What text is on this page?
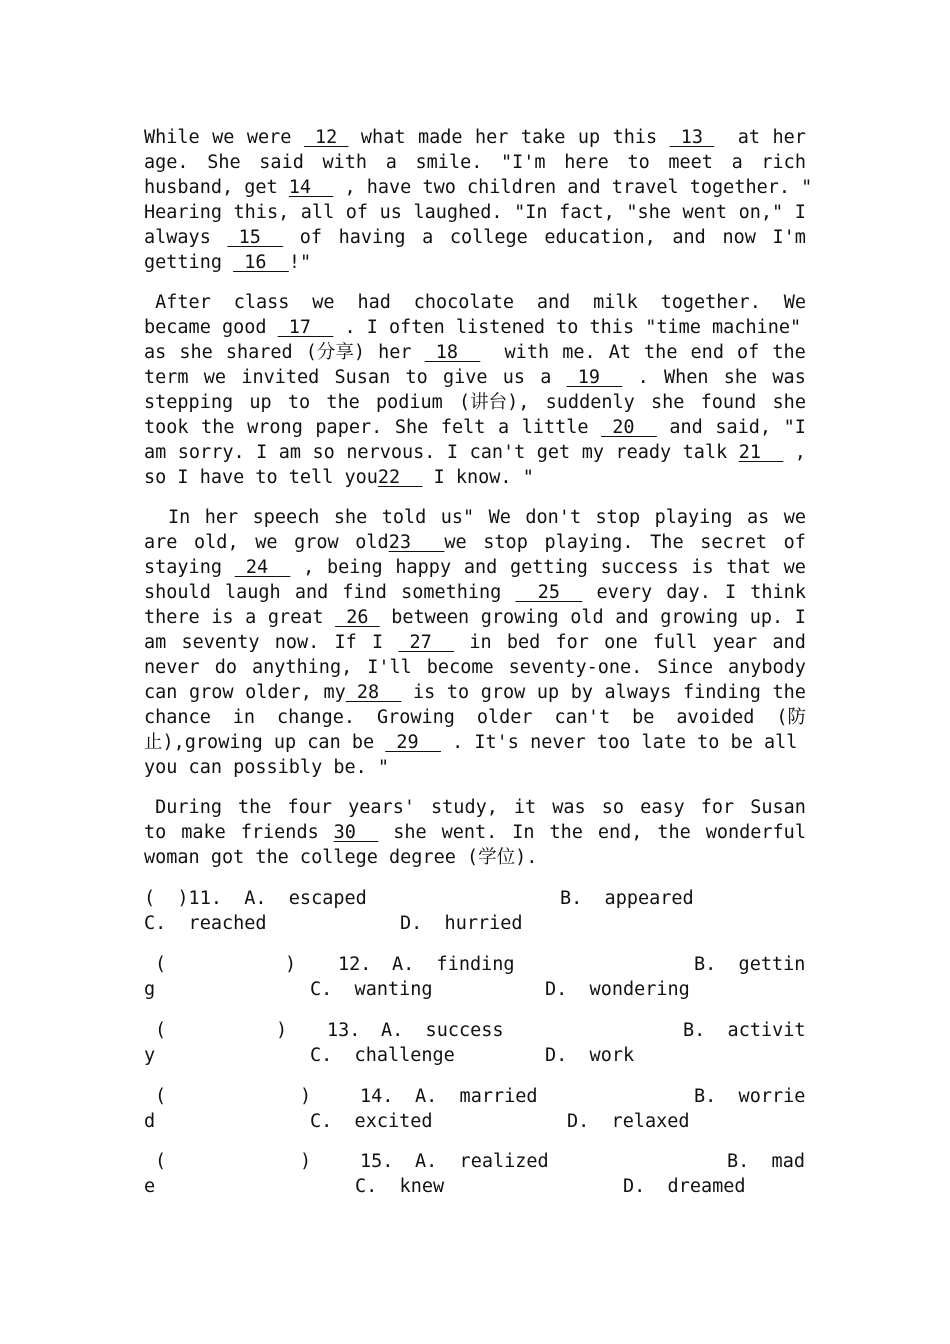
While we were 12 what made her take up this 13 at her
age. She said with a smile. "I'm here to meet a rich
husband, get 14   , have two children and travel together. "
Hearing this, all of us laughed. "In fact, "she went on," I
always 15 of having a college education, and now I'm
getting  16  !"
After class we had chocolate and milk together. We
became good  17   . I often listened to this "time machine"
as she shared (分享) her 18 with me. At the end of the
term we invited Susan to give us a 19 . When she was
stepping up to the podium (讲台), suddenly she found she
took the wrong paper. She felt a little 20 and said, "I
am sorry. I am so nervous. I can't get my ready talk 21 ,
so I have to tell you22   I know. "
In her speech she told us" We don't stop playing as we
are old, we grow old23   we stop playing. The secret of
staying 24 , being happy and getting success is that we
should laugh and find something 25 every day. I think
there is a great 26 between growing old and growing up. I
am seventy now. If I 27 in bed for one full year and
never do anything, I'll become seventy-one. Since anybody
can grow older, my 28 is to grow up by always finding the
chance in change. Growing older can't be avoided (防
止),growing up can be  29   . It's never too late to be all
you can possibly be. "
During the four years' study, it was so easy for Susan
to make friends 30 she went. In the end, the wonderful
woman got the college degree (学位).
(  )11.  A.  escaped	B.  appeared
C.  reached	D.  hurried
(	) 12. A.  finding	B.  gettin
g	C.  wanting	D.  wondering
(	) 13. A.  success	B.  activit
y	C.  challenge	D.  work
(	)	14. A.  married	B.  worrie
d	C.  excited	D.  relaxed
(	)	15. A.  realized	B.  mad
e	C.  knew	D.  dreamed
